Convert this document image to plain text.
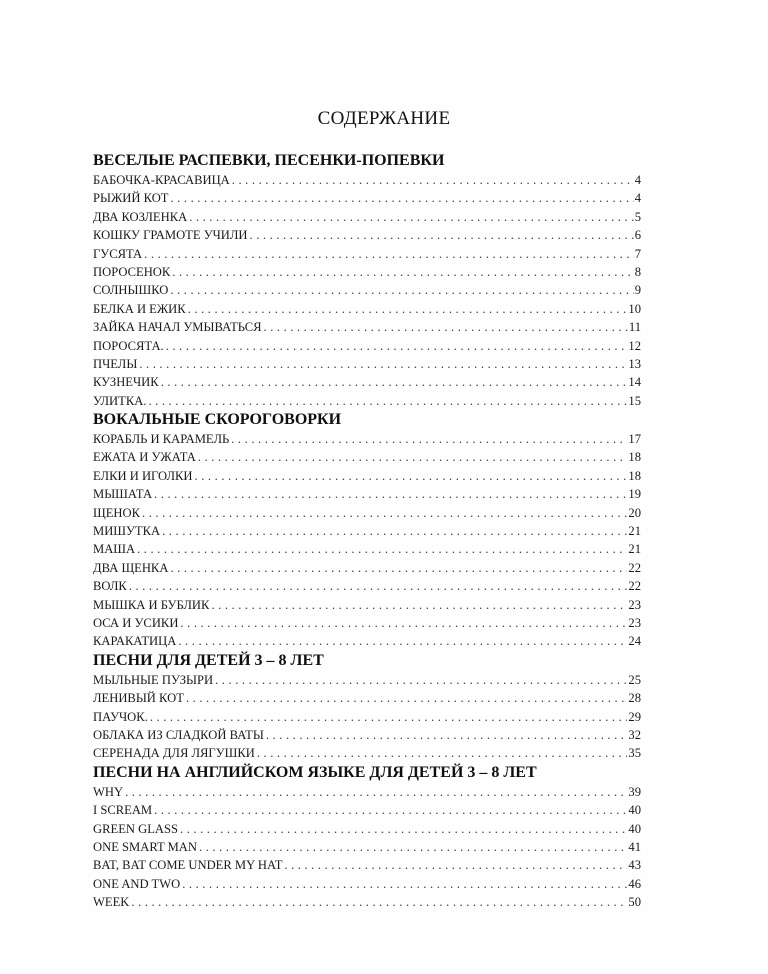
СОДЕРЖАНИЕ
ВЕСЕЛЫЕ РАСПЕВКИ, ПЕСЕНКИ-ПОПЕВКИ
БАБОЧКА-КРАСАВИЦА . . .	4
РЫЖИЙ КОТ . . .	4
ДВА КОЗЛЕНКА . . .	5
КОШКУ ГРАМОТЕ УЧИЛИ . . .	6
ГУСЯТА . . .	7
ПОРОСЕНОК . . .	8
СОЛНЫШКО . . .	9
БЕЛКА И ЕЖИК . . .	10
ЗАЙКА НАЧАЛ УМЫВАТЬСЯ . . .	11
ПОРОСЯТА. . . .	12
ПЧЕЛЫ . . .	13
КУЗНЕЧИК . . .	14
УЛИТКА. . . .	15
ВОКАЛЬНЫЕ СКОРОГОВОРКИ
КОРАБЛЬ И КАРАМЕЛЬ . . .	17
ЕЖАТА И УЖАТА . . .	18
ЕЛКИ И ИГОЛКИ . . .	18
МЫШАТА . . .	19
ЩЕНОК . . .	20
МИШУТКА . . .	21
МАША . . .	21
ДВА ЩЕНКА . . .	22
ВОЛК . . .	22
МЫШКА И БУБЛИК . . .	23
ОСА И УСИКИ . . .	23
КАРАКАТИЦА . . .	24
ПЕСНИ ДЛЯ ДЕТЕЙ 3 – 8 ЛЕТ
МЫЛЬНЫЕ ПУЗЫРИ . . .	25
ЛЕНИВЫЙ КОТ . . .	28
ПАУЧОК. . . .	29
ОБЛАКА ИЗ СЛАДКОЙ ВАТЫ . . .	32
СЕРЕНАДА ДЛЯ ЛЯГУШКИ . . .	35
ПЕСНИ НА АНГЛИЙСКОМ ЯЗЫКЕ ДЛЯ ДЕТЕЙ 3 – 8 ЛЕТ
WHY . . .	39
I SCREAM . . .	40
GREEN GLASS . . .	40
ONE SMART MAN . . .	41
BAT, BAT COME UNDER MY HAT . . .	43
ONE AND TWO . . .	46
WEEK . . .	50
